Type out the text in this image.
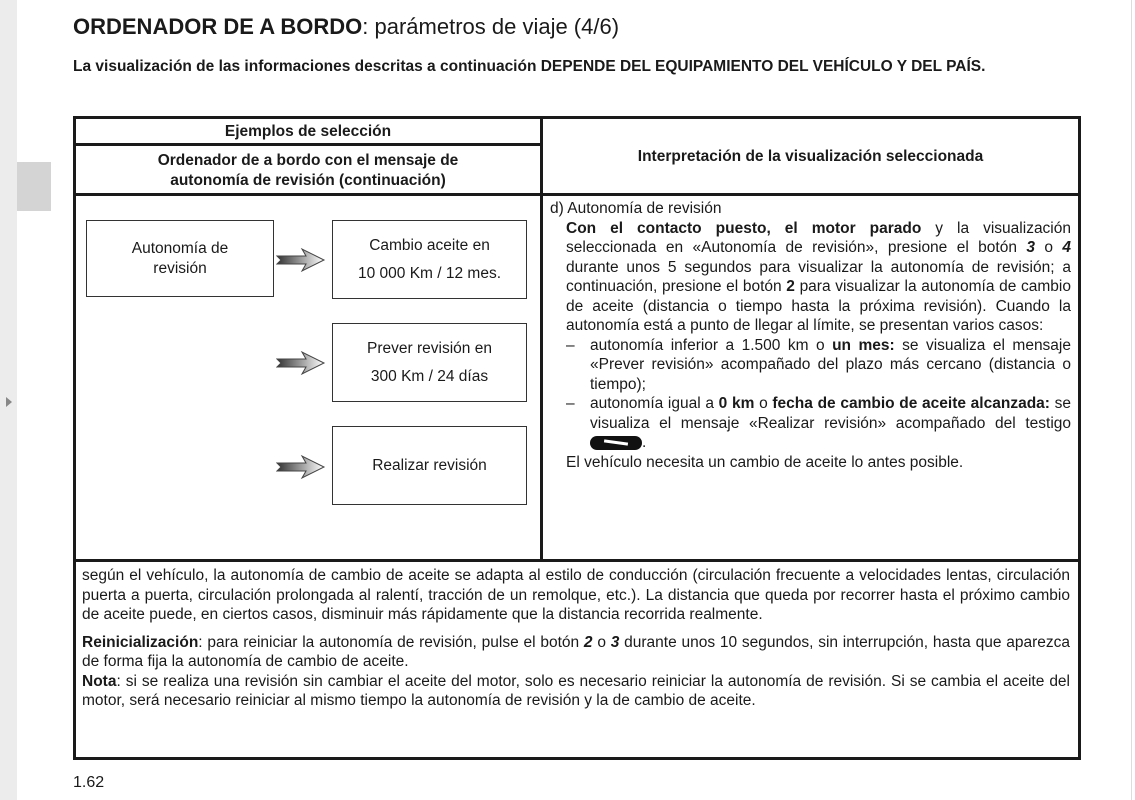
ORDENADOR DE A BORDO: parámetros de viaje (4/6)
La visualización de las informaciones descritas a continuación DEPENDE DEL EQUIPAMIENTO DEL VEHÍCULO Y DEL PAÍS.
Ejemplos de selección
Ordenador de a bordo con el mensaje de autonomía de revisión (continuación)
Interpretación de la visualización seleccionada
Autonomía de revisión
Cambio aceite en
10 000 Km / 12 mes.
Prever revisión en
300 Km / 24 días
Realizar revisión

d) Autonomía de revisión

Con el contacto puesto, el motor parado y la visualización seleccionada en «Autonomía de revisión», presione el botón 3 o 4 durante unos 5 segundos para visualizar la autonomía de revisión; a continuación, presione el botón 2 para visualizar la autonomía de cambio de aceite (distancia o tiempo hasta la próxima revisión). Cuando la autonomía está a punto de llegar al límite, se presentan varios casos:

– autonomía inferior a 1.500 km o un mes: se visualiza el mensaje «Prever revisión» acompañado del plazo más cercano (distancia o tiempo);

– autonomía igual a 0 km o fecha de cambio de aceite alcanzada: se visualiza el mensaje «Realizar revisión» acompañado del testigo .

El vehículo necesita un cambio de aceite lo antes posible.

según el vehículo, la autonomía de cambio de aceite se adapta al estilo de conducción (circulación frecuente a velocidades lentas, circulación puerta a puerta, circulación prolongada al ralentí, tracción de un remolque, etc.). La distancia que queda por recorrer hasta el próximo cambio de aceite puede, en ciertos casos, disminuir más rápidamente que la distancia recorrida realmente.

Reinicialización: para reiniciar la autonomía de revisión, pulse el botón 2 o 3 durante unos 10 segundos, sin interrupción, hasta que aparezca de forma fija la autonomía de cambio de aceite.

Nota: si se realiza una revisión sin cambiar el aceite del motor, solo es necesario reiniciar la autonomía de revisión. Si se cambia el aceite del motor, será necesario reiniciar al mismo tiempo la autonomía de revisión y la de cambio de aceite.

1.62
